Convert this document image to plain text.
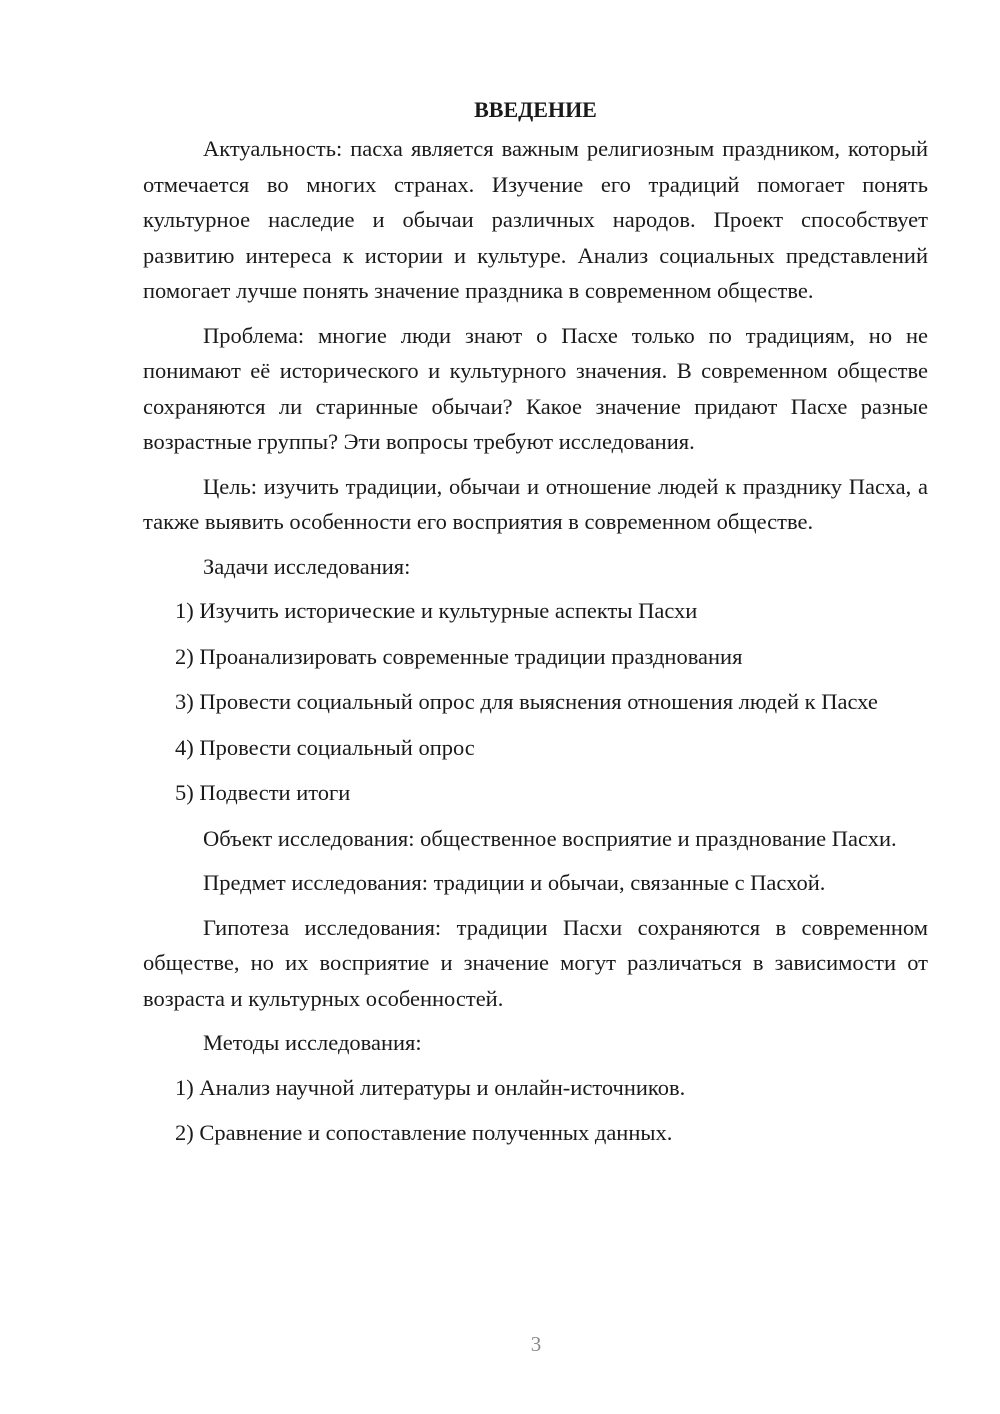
ВВЕДЕНИЕ

Актуальность: пасха является важным религиозным праздником, который отмечается во многих странах. Изучение его традиций помогает понять культурное наследие и обычаи различных народов. Проект способствует развитию интереса к истории и культуре. Анализ социальных представлений помогает лучше понять значение праздника в современном обществе.

Проблема: многие люди знают о Пасхе только по традициям, но не понимают её исторического и культурного значения. В современном обществе сохраняются ли старинные обычаи? Какое значение придают Пасхе разные возрастные группы? Эти вопросы требуют исследования.

Цель: изучить традиции, обычаи и отношение людей к празднику Пасха, а также выявить особенности его восприятия в современном обществе.

Задачи исследования:

1) Изучить исторические и культурные аспекты Пасхи

2) Проанализировать современные традиции празднования

3) Провести социальный опрос для выяснения отношения людей к Пасхе

4) Провести социальный опрос

5) Подвести итоги

Объект исследования: общественное восприятие и празднование Пасхи.

Предмет исследования: традиции и обычаи, связанные с Пасхой.

Гипотеза исследования: традиции Пасхи сохраняются в современном обществе, но их восприятие и значение могут различаться в зависимости от возраста и культурных особенностей.

Методы исследования:

1) Анализ научной литературы и онлайн-источников.

2) Сравнение и сопоставление полученных данных.

3
